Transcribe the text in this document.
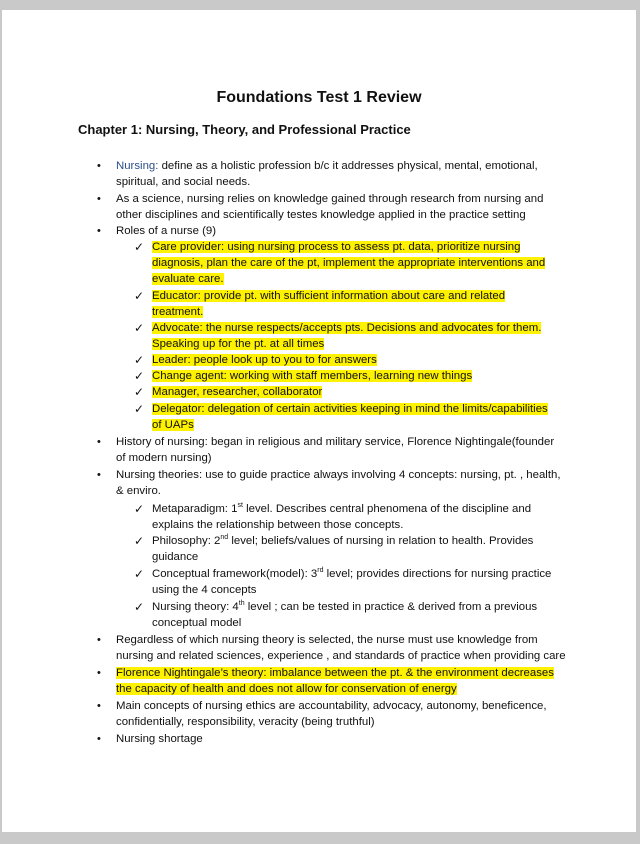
Foundations Test 1 Review
Chapter 1: Nursing, Theory, and Professional Practice
• Nursing: define as a holistic profession b/c it addresses physical, mental, emotional,
spiritual, and social needs.
• As a science, nursing relies on knowledge gained through research from nursing and
other disciplines and scientifically testes knowledge applied in the practice setting
• Roles of a nurse (9)
✓ Care provider: using nursing process to assess pt. data, prioritize nursing
diagnosis, plan the care of the pt, implement the appropriate interventions and
evaluate care.
✓ Educator: provide pt. with sufficient information about care and related
treatment.
✓ Advocate: the nurse respects/accepts pts. Decisions and advocates for them.
Speaking up for the pt. at all times
✓ Leader: people look up to you to for answers
✓ Change agent: working with staff members, learning new things
✓ Manager, researcher, collaborator
✓ Delegator: delegation of certain activities keeping in mind the limits/capabilities
of UAPs
• History of nursing: began in religious and military service, Florence Nightingale(founder
of modern nursing)
• Nursing theories: use to guide practice always involving 4 concepts: nursing, pt. , health,
& enviro.
✓ Metaparadigm: 1st level. Describes central phenomena of the discipline and
explains the relationship between those concepts.
✓ Philosophy: 2nd level; beliefs/values of nursing in relation to health. Provides
guidance
✓ Conceptual framework(model): 3rd level; provides directions for nursing practice
using the 4 concepts
✓ Nursing theory: 4th level ; can be tested in practice & derived from a previous
conceptual model
• Regardless of which nursing theory is selected, the nurse must use knowledge from
nursing and related sciences, experience , and standards of practice when providing care
• Florence Nightingale’s theory: imbalance between the pt. & the environment decreases
the capacity of health and does not allow for conservation of energy
• Main concepts of nursing ethics are accountability, advocacy, autonomy, beneficence,
confidentially, responsibility, veracity (being truthful)
• Nursing shortage
